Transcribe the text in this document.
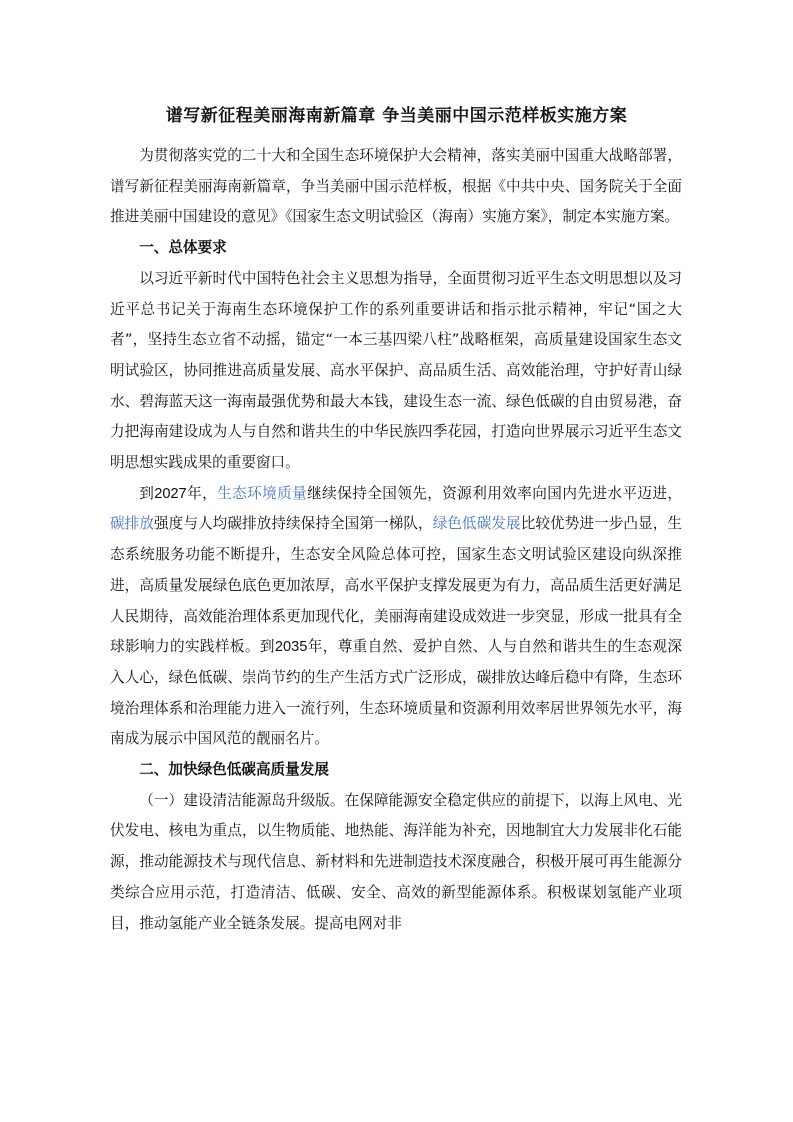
谱写新征程美丽海南新篇章 争当美丽中国示范样板实施方案

为贯彻落实党的二十大和全国生态环境保护大会精神，落实美丽中国重大战略部署，谱写新征程美丽海南新篇章，争当美丽中国示范样板，根据《中共中央、国务院关于全面推进美丽中国建设的意见》《国家生态文明试验区（海南）实施方案》，制定本实施方案。

一、总体要求

以习近平新时代中国特色社会主义思想为指导，全面贯彻习近平生态文明思想以及习近平总书记关于海南生态环境保护工作的系列重要讲话和指示批示精神，牢记“国之大者”，坚持生态立省不动摇，锚定“一本三基四梁八柱”战略框架，高质量建设国家生态文明试验区，协同推进高质量发展、高水平保护、高品质生活、高效能治理，守护好青山绿水、碧海蓝天这一海南最强优势和最大本钱，建设生态一流、绿色低碳的自由贸易港，奋力把海南建设成为人与自然和谐共生的中华民族四季花园，打造向世界展示习近平生态文明思想实践成果的重要窗口。

到2027年，生态环境质量继续保持全国领先，资源利用效率向国内先进水平迈进，碳排放强度与人均碳排放持续保持全国第一梯队，绿色低碳发展比较优势进一步凸显，生态系统服务功能不断提升，生态安全风险总体可控，国家生态文明试验区建设向纵深推进，高质量发展绿色底色更加浓厚，高水平保护支撑发展更为有力，高品质生活更好满足人民期待，高效能治理体系更加现代化，美丽海南建设成效进一步突显，形成一批具有全球影响力的实践样板。到2035年，尊重自然、爱护自然、人与自然和谐共生的生态观深入人心，绿色低碳、崇尚节约的生产生活方式广泛形成，碳排放达峰后稳中有降，生态环境治理体系和治理能力进入一流行列，生态环境质量和资源利用效率居世界领先水平，海南成为展示中国风范的靓丽名片。

二、加快绿色低碳高质量发展

（一）建设清洁能源岛升级版。在保障能源安全稳定供应的前提下，以海上风电、光伏发电、核电为重点，以生物质能、地热能、海洋能为补充，因地制宜大力发展非化石能源，推动能源技术与现代信息、新材料和先进制造技术深度融合，积极开展可再生能源分类综合应用示范，打造清洁、低碳、安全、高效的新型能源体系。积极谋划氢能产业项目，推动氢能产业全链条发展。提高电网对非
